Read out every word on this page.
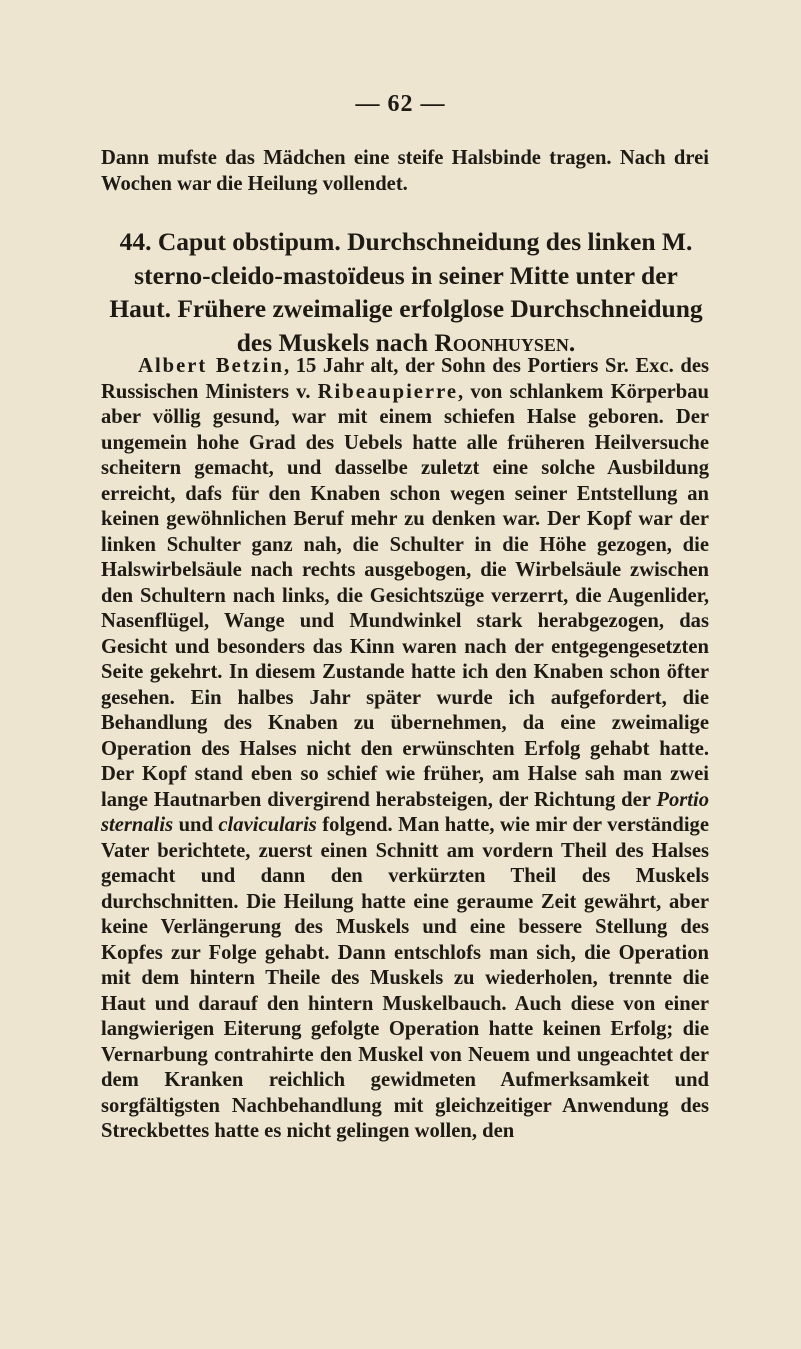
— 62 —

Dann mufste das Mädchen eine steife Halsbinde tragen. Nach drei Wochen war die Heilung vollendet.

44. Caput obstipum. Durchschneidung des linken M. sterno-cleido-mastoïdeus in seiner Mitte unter der Haut. Frühere zweimalige erfolglose Durchschneidung des Muskels nach Roonhuysen.

Albert Betzin, 15 Jahr alt, der Sohn des Portiers Sr. Exc. des Russischen Ministers v. Ribeaupierre, von schlankem Körperbau aber völlig gesund, war mit einem schiefen Halse geboren. Der ungemein hohe Grad des Uebels hatte alle früheren Heilversuche scheitern gemacht, und dasselbe zuletzt eine solche Ausbildung erreicht, dafs für den Knaben schon wegen seiner Entstellung an keinen gewöhnlichen Beruf mehr zu denken war. Der Kopf war der linken Schulter ganz nah, die Schulter in die Höhe gezogen, die Halswirbelsäule nach rechts ausgebogen, die Wirbelsäule zwischen den Schultern nach links, die Gesichtszüge verzerrt, die Augenlider, Nasenflügel, Wange und Mundwinkel stark herabgezogen, das Gesicht und besonders das Kinn waren nach der entgegengesetzten Seite gekehrt. In diesem Zustande hatte ich den Knaben schon öfter gesehen. Ein halbes Jahr später wurde ich aufgefordert, die Behandlung des Knaben zu übernehmen, da eine zweimalige Operation des Halses nicht den erwünschten Erfolg gehabt hatte. Der Kopf stand eben so schief wie früher, am Halse sah man zwei lange Hautnarben divergirend herabsteigen, der Richtung der Portio sternalis und clavicularis folgend. Man hatte, wie mir der verständige Vater berichtete, zuerst einen Schnitt am vordern Theil des Halses gemacht und dann den verkürzten Theil des Muskels durchschnitten. Die Heilung hatte eine geraume Zeit gewährt, aber keine Verlängerung des Muskels und eine bessere Stellung des Kopfes zur Folge gehabt. Dann entschlofs man sich, die Operation mit dem hintern Theile des Muskels zu wiederholen, trennte die Haut und darauf den hintern Muskelbauch. Auch diese von einer langwierigen Eiterung gefolgte Operation hatte keinen Erfolg; die Vernarbung contrahirte den Muskel von Neuem und ungeachtet der dem Kranken reichlich gewidmeten Aufmerksamkeit und sorgfältigsten Nachbehandlung mit gleichzeitiger Anwendung des Streckbettes hatte es nicht gelingen wollen, den
